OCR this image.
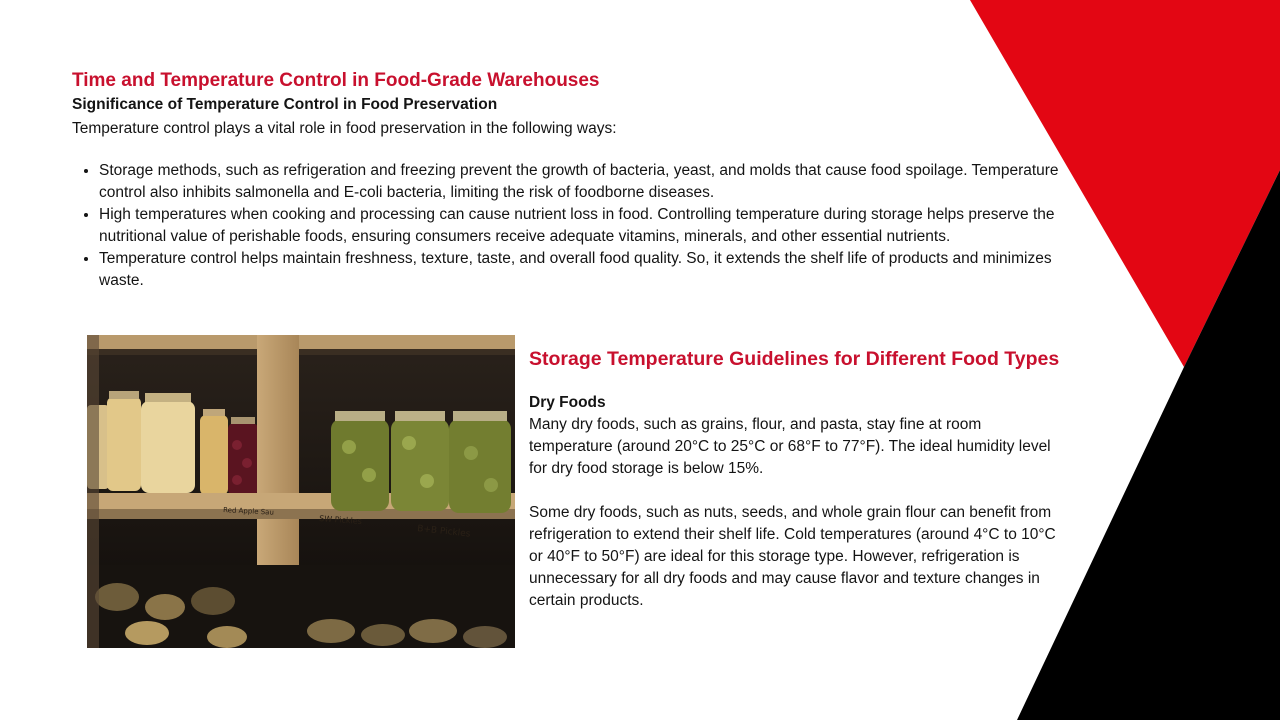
Time and Temperature Control in Food-Grade Warehouses
Significance of Temperature Control in Food Preservation

Temperature control plays a vital role in food preservation in the following ways:

• Storage methods, such as refrigeration and freezing prevent the growth of bacteria, yeast, and molds that cause food spoilage. Temperature control also inhibits salmonella and E-coli bacteria, limiting the risk of foodborne diseases.
• High temperatures when cooking and processing can cause nutrient loss in food. Controlling temperature during storage helps preserve the nutritional value of perishable foods, ensuring consumers receive adequate vitamins, minerals, and other essential nutrients.
• Temperature control helps maintain freshness, texture, taste, and overall food quality. So, it extends the shelf life of products and minimizes waste.
Red Apple Sau
SW Pickles
B+B Pickles
Storage Temperature Guidelines for Different Food Types
Dry Foods

Many dry foods, such as grains, flour, and pasta, stay fine at room temperature (around 20°C to 25°C or 68°F to 77°F). The ideal humidity level for dry food storage is below 15%.

Some dry foods, such as nuts, seeds, and whole grain flour can benefit from refrigeration to extend their shelf life. Cold temperatures (around 4°C to 10°C or 40°F to 50°F) are ideal for this storage type. However, refrigeration is unnecessary for all dry foods and may cause flavor and texture changes in certain products.
